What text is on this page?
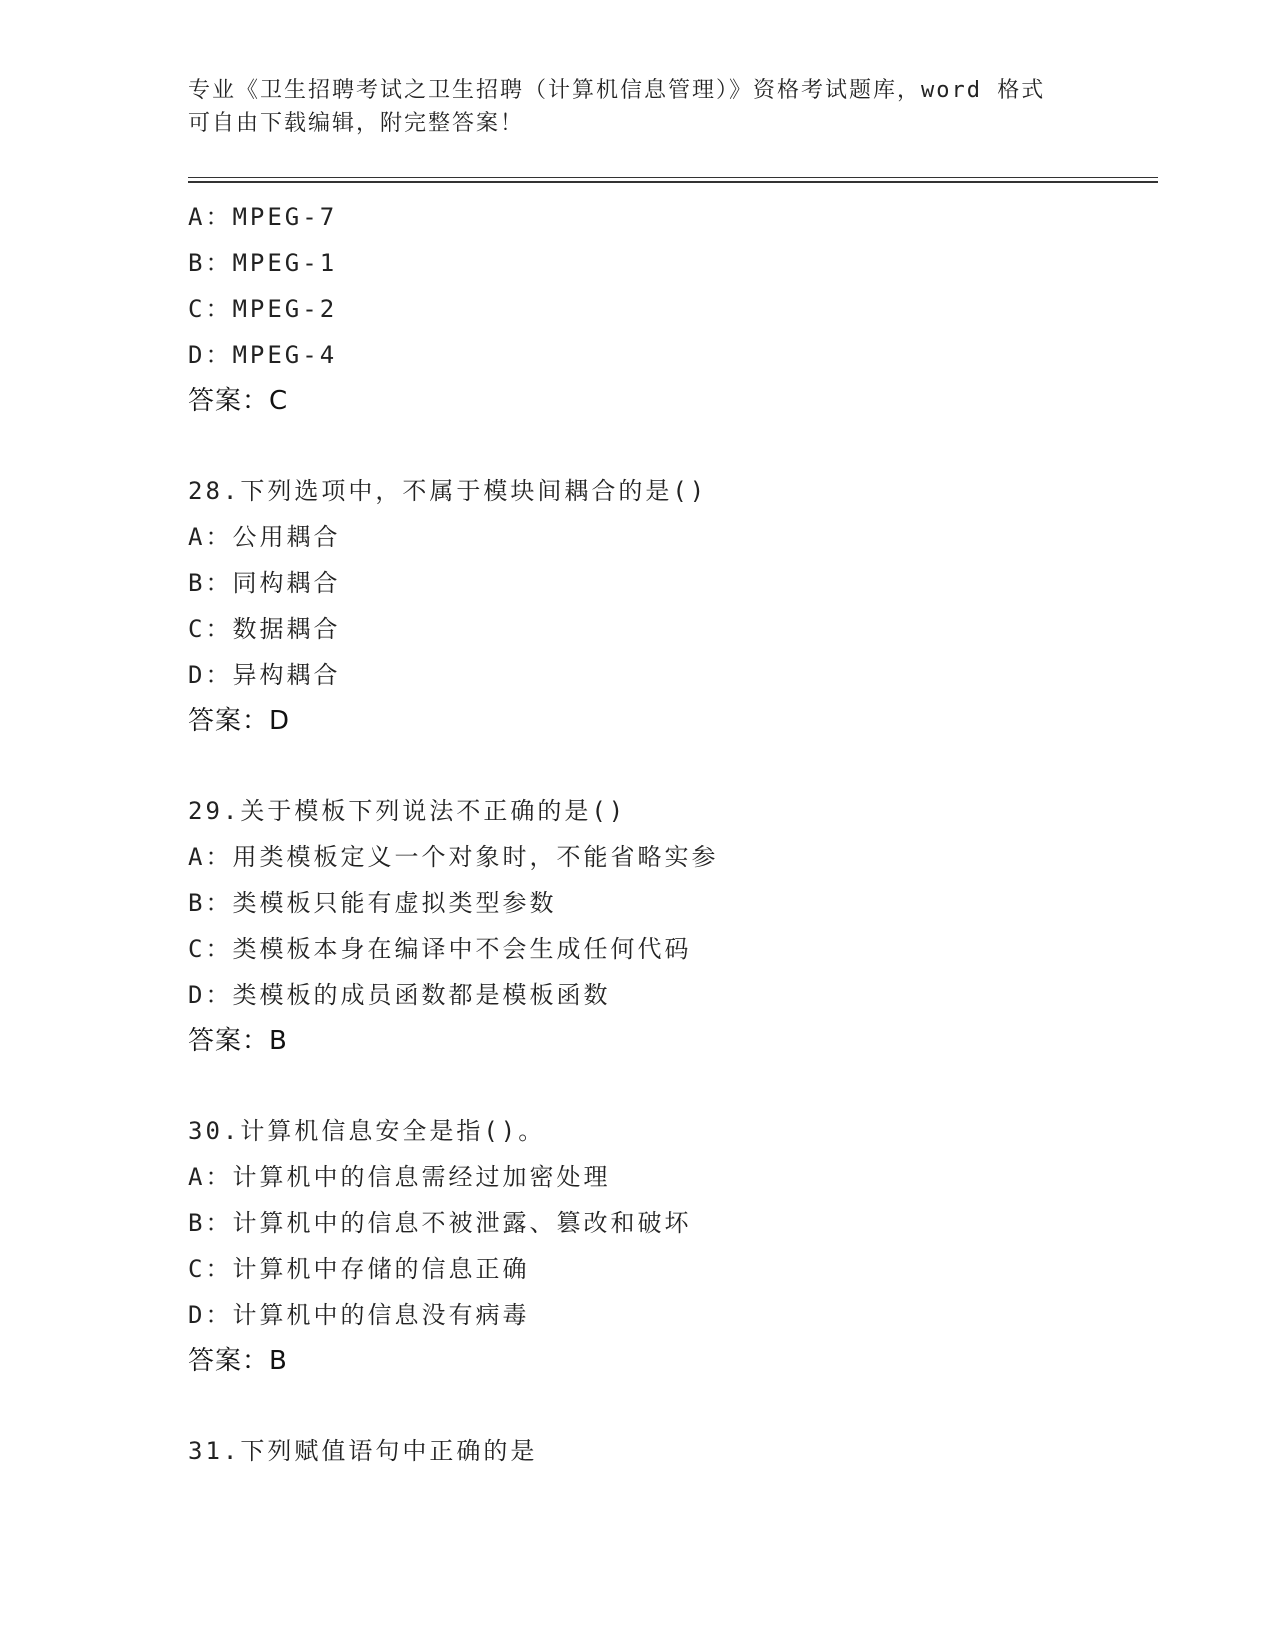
专业《卫生招聘考试之卫生招聘（计算机信息管理）》资格考试题库，word 格式
可自由下载编辑，附完整答案！
A：MPEG-7
B：MPEG-1
C：MPEG-2
D：MPEG-4
答案：C
28.下列选项中，不属于模块间耦合的是()
A：公用耦合
B：同构耦合
C：数据耦合
D：异构耦合
答案：D
29.关于模板下列说法不正确的是()
A：用类模板定义一个对象时，不能省略实参
B：类模板只能有虚拟类型参数
C：类模板本身在编译中不会生成任何代码
D：类模板的成员函数都是模板函数
答案：B
30.计算机信息安全是指()。
A：计算机中的信息需经过加密处理
B：计算机中的信息不被泄露、篡改和破坏
C：计算机中存储的信息正确
D：计算机中的信息没有病毒
答案：B
31.下列赋值语句中正确的是
